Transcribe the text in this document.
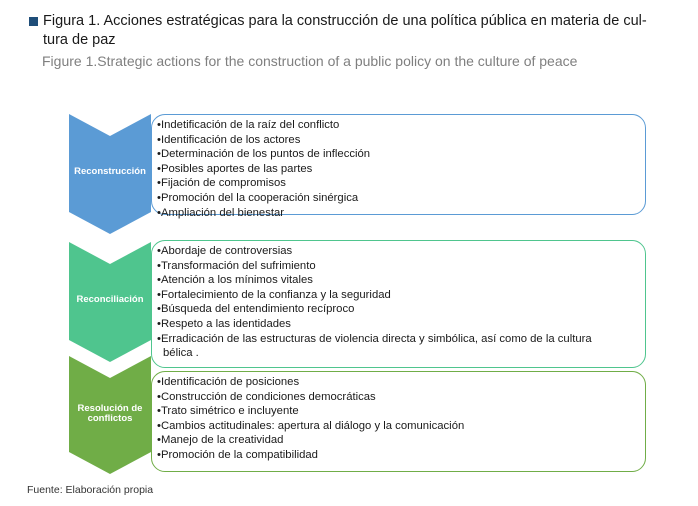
Figura 1. Acciones estratégicas para la construcción de una política pública en materia de cul-
tura de paz
Figure 1.Strategic actions for the construction of a public policy on the culture of peace
Reconstrucción
•Indetificación de la raíz del conflicto
•Identificación de los actores
•Determinación de los puntos de inflección
•Posibles aportes de las partes
•Fijación de compromisos
•Promoción del la cooperación sinérgica
•Ampliación del bienestar
Reconciliación
•Abordaje de controversias
•Transformación del sufrimiento
•Atención a los mínimos vitales
•Fortalecimiento de la confianza y la seguridad
•Búsqueda del entendimiento recíproco
•Respeto a las identidades
•Erradicación de las estructuras de violencia directa y simbólica, así como de la cultura
bélica .
Resolución de
conflictos
•Identificación de posiciones
•Construcción de condiciones democráticas
•Trato simétrico e incluyente
•Cambios actitudinales: apertura al diálogo y la comunicación
•Manejo de la creatividad
•Promoción de la compatibilidad
Fuente: Elaboración propia
